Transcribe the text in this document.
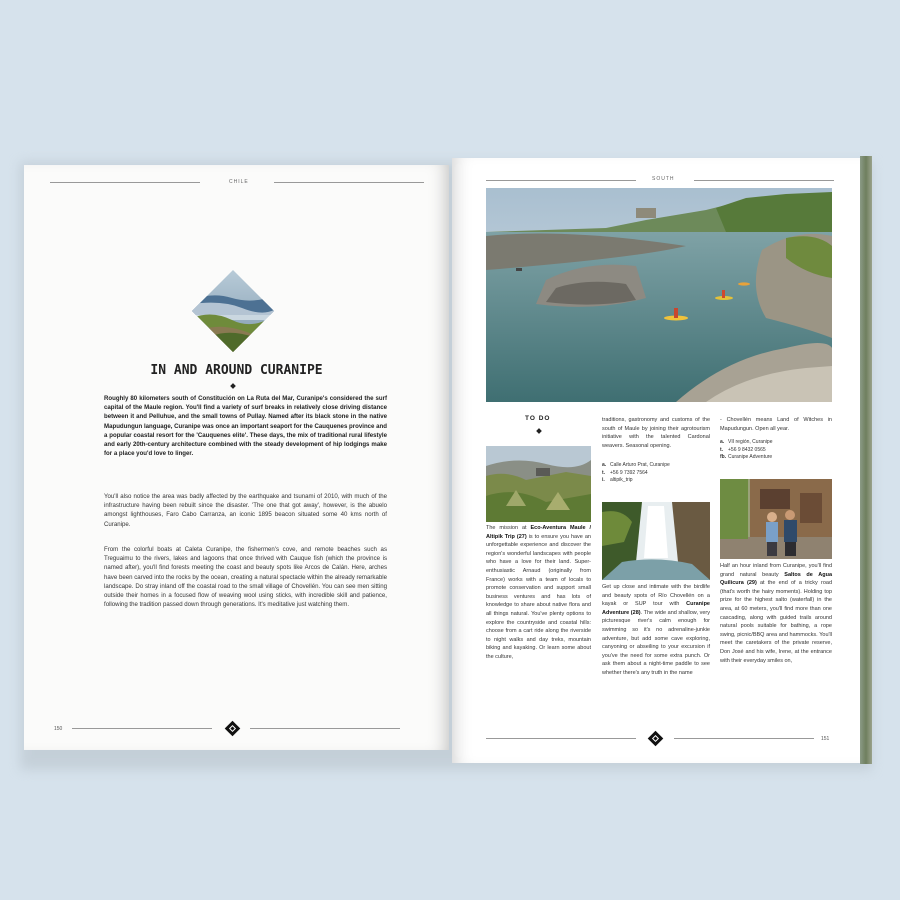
CHILE
IN AND AROUND CURANIPE
Roughly 80 kilometers south of Constitución on La Ruta del Mar, Curanipe's considered the surf capital of the Maule region. You'll find a variety of surf breaks in relatively close driving distance between it and Pelluhue, and the small towns of Pullay. Named after its black stone in the native Mapudungun language, Curanipe was once an important seaport for the Cauquenes province and a popular coastal resort for the 'Cauquenes elite'. These days, the mix of traditional rural lifestyle and early 20th-century architecture combined with the steady development of hip lodgings make for a place you'd love to linger.
You'll also notice the area was badly affected by the earthquake and tsunami of 2010, with much of the infrastructure having been rebuilt since the disaster. 'The one that got away', however, is the abuelo amongst lighthouses, Faro Cabo Carranza, an iconic 1895 beacon situated some 40 kms north of Curanipe.
From the colorful boats at Caleta Curanipe, the fishermen's cove, and remote beaches such as Treguaimu to the rivers, lakes and lagoons that once thrived with Cauque fish (which the province is named after), you'll find forests meeting the coast and beauty spots like Arcos de Calán. Here, arches have been carved into the rocks by the ocean, creating a natural spectacle within the already remarkable landscape. Do stray inland off the coastal road to the small village of Chovellén. You can see men sitting outside their homes in a focused flow of weaving wool using sticks, with incredible skill and patience, following the tradition passed down through generations. It's meditative just watching them.
150
SOUTH
TO DO
The mission at Eco-Aventura Maule / Altipik Trip (27) is to ensure you have an unforgettable experience and discover the region's wonderful landscapes with people who have a love for their land. Super-enthusiastic Arnaud (originally from France) works with a team of locals to promote conservation and support small business ventures and has lots of knowledge to share about native flora and all things natural. You've plenty options to explore the countryside and coastal hills: choose from a cart ride along the riverside to night walks and day treks, mountain biking and kayaking. Or learn some about the culture,
traditions, gastronomy and customs of the south of Maule by joining their agrotourism initiative with the talented Cardonal weavers. Seasonal opening.
a. Calle Arturo Prat, Curanipe
t. +56 9 7392 7564
i. altipik_trip
Get up close and intimate with the birdlife and beauty spots of Río Chovellén on a kayak or SUP tour with Curanipe Adventure (28). The wide and shallow, very picturesque river's calm enough for swimming so it's no adrenaline-junkie adventure, but add some cave exploring, canyoning or abseiling to your excursion if you've the need for some extra punch. Or ask them about a night-time paddle to see whether there's any truth in the name
- Chovellén means Land of Witches in Mapudungun. Open all year.
a. VII región, Curanipe
t. +56 9 8432 0565
fb. Curanipe Adventure
Half an hour inland from Curanipe, you'll find grand natural beauty Saltos de Agua Quilicura (29) at the end of a tricky road (that's worth the hairy moments). Holding top prize for the highest salto (waterfall) in the area, at 60 meters, you'll find more than one cascading, along with guided trails around natural pools suitable for bathing, a rope swing, picnic/BBQ area and hammocks. You'll meet the caretakers of the private reserve, Don José and his wife, Irene, at the entrance with their everyday smiles on,
151
